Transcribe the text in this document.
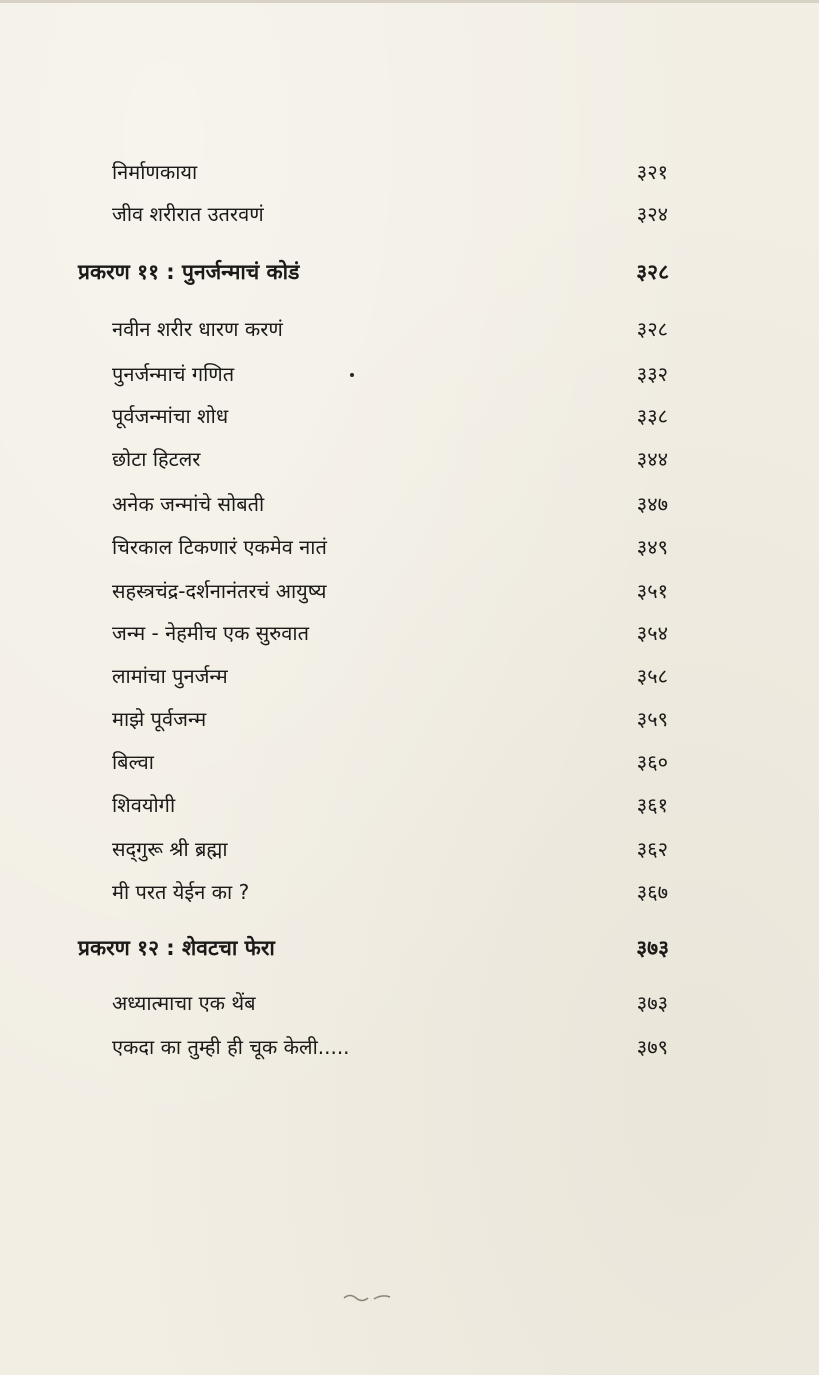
निर्माणकाया	३२१
जीव शरीरात उतरवणं	३२४
प्रकरण ११ : पुनर्जन्माचं कोडं	३२८
नवीन शरीर धारण करणं	३२८
पुनर्जन्माचं गणित	३३२
पूर्वजन्मांचा शोध	३३८
छोटा हिटलर	३४४
अनेक जन्मांचे सोबती	३४७
चिरकाल टिकणारं एकमेव नातं	३४९
सहस्त्रचंद्र-दर्शनानंतरचं आयुष्य	३५१
जन्म - नेहमीच एक सुरुवात	३५४
लामांचा पुनर्जन्म	३५८
माझे पूर्वजन्म	३५९
बिल्वा	३६०
शिवयोगी	३६१
सद्‌गुरू श्री ब्रह्मा	३६२
मी परत येईन का ?	३६७
प्रकरण १२ : शेवटचा फेरा	३७३
अध्यात्माचा एक थेंब	३७३
एकदा का तुम्ही ही चूक केली.....	३७९
